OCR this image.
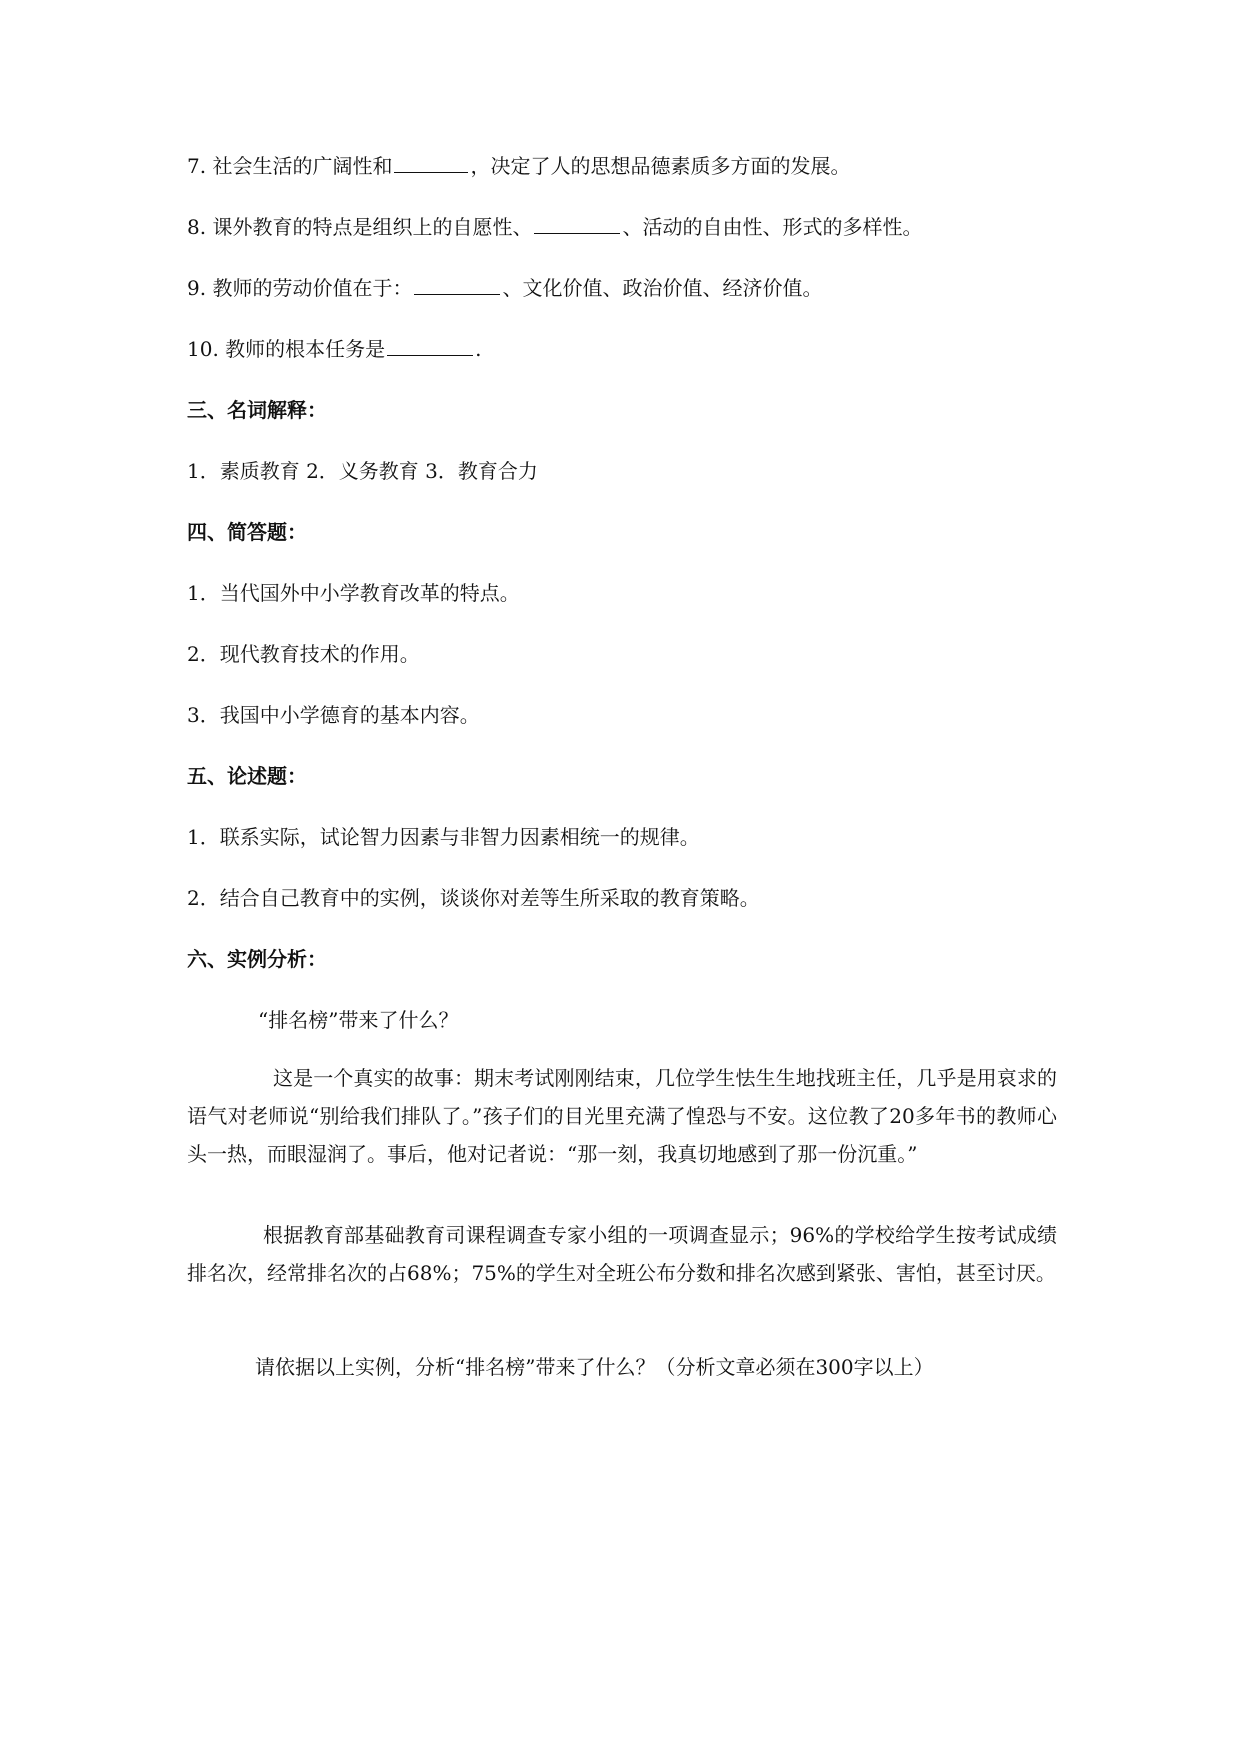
7. 社会生活的广阔性和	，决定了人的思想品德素质多方面的发展。
8. 课外教育的特点是组织上的自愿性、	、活动的自由性、形式的多样性。
9. 教师的劳动价值在于：	、文化价值、政治价值、经济价值。
10. 教师的根本任务是	.
三、名词解释：
1．素质教育 2．义务教育 3．教育合力
四、简答题：
1．当代国外中小学教育改革的特点。
2．现代教育技术的作用。
3．我国中小学德育的基本内容。
五、论述题：
1．联系实际，试论智力因素与非智力因素相统一的规律。
2．结合自己教育中的实例，谈谈你对差等生所采取的教育策略。
六、实例分析：
“排名榜”带来了什么？
这是一个真实的故事：期末考试刚刚结束，几位学生怯生生地找班主任，几乎是用哀求的语气对老师说“别给我们排队了。”孩子们的目光里充满了惶恐与不安。这位教了20多年书的教师心头一热，而眼湿润了。事后，他对记者说：“那一刻，我真切地感到了那一份沉重。”
根据教育部基础教育司课程调查专家小组的一项调查显示；96%的学校给学生按考试成绩排名次，经常排名次的占68%；75%的学生对全班公布分数和排名次感到紧张、害怕，甚至讨厌。
请依据以上实例，分析“排名榜”带来了什么？（分析文章必须在300字以上）
